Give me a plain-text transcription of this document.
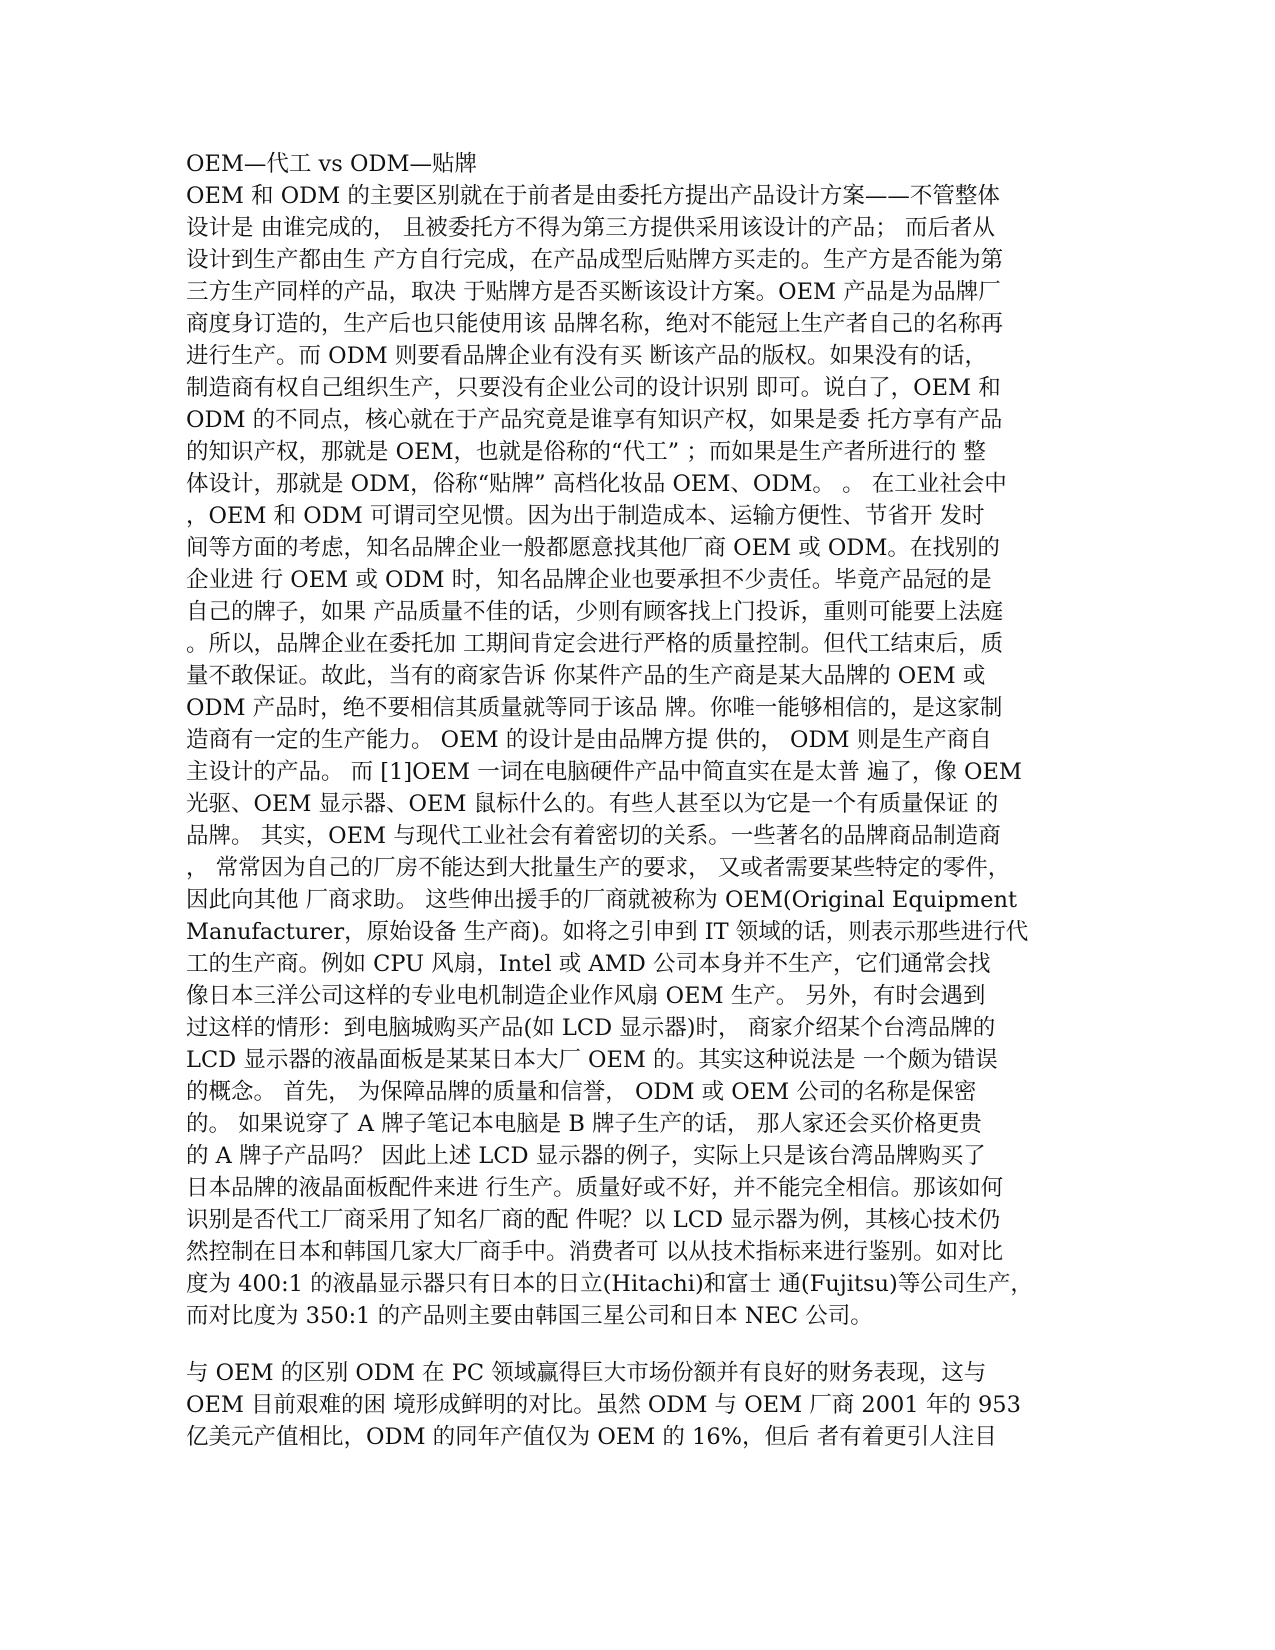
OEM—代工 vs ODM—贴牌
OEM 和 ODM 的主要区别就在于前者是由委托方提出产品设计方案——不管整体
设计是 由谁完成的， 且被委托方不得为第三方提供采用该设计的产品； 而后者从
设计到生产都由生 产方自行完成，在产品成型后贴牌方买走的。生产方是否能为第
三方生产同样的产品，取决 于贴牌方是否买断该设计方案。OEM 产品是为品牌厂
商度身订造的，生产后也只能使用该 品牌名称，绝对不能冠上生产者自己的名称再
进行生产。而 ODM 则要看品牌企业有没有买 断该产品的版权。如果没有的话，
制造商有权自己组织生产，只要没有企业公司的设计识别 即可。说白了，OEM 和
ODM 的不同点，核心就在于产品究竟是谁享有知识产权，如果是委 托方享有产品
的知识产权，那就是 OEM，也就是俗称的“代工” ；而如果是生产者所进行的 整
体设计，那就是 ODM，俗称“贴牌” 高档化妆品 OEM、ODM。 。 在工业社会中
，OEM 和 ODM 可谓司空见惯。因为出于制造成本、运输方便性、节省开 发时
间等方面的考虑，知名品牌企业一般都愿意找其他厂商 OEM 或 ODM。在找别的
企业进 行 OEM 或 ODM 时，知名品牌企业也要承担不少责任。毕竟产品冠的是
自己的牌子，如果 产品质量不佳的话，少则有顾客找上门投诉，重则可能要上法庭
。所以，品牌企业在委托加 工期间肯定会进行严格的质量控制。但代工结束后，质
量不敢保证。故此，当有的商家告诉 你某件产品的生产商是某大品牌的 OEM 或
ODM 产品时，绝不要相信其质量就等同于该品 牌。你唯一能够相信的，是这家制
造商有一定的生产能力。 OEM 的设计是由品牌方提 供的， ODM 则是生产商自
主设计的产品。 而 [1]OEM 一词在电脑硬件产品中简直实在是太普 遍了，像 OEM
光驱、OEM 显示器、OEM 鼠标什么的。有些人甚至以为它是一个有质量保证 的
品牌。 其实，OEM 与现代工业社会有着密切的关系。一些著名的品牌商品制造商
， 常常因为自己的厂房不能达到大批量生产的要求， 又或者需要某些特定的零件，
因此向其他 厂商求助。 这些伸出援手的厂商就被称为 OEM(Original Equipment
Manufacturer，原始设备 生产商)。如将之引申到 IT 领域的话，则表示那些进行代
工的生产商。例如 CPU 风扇，Intel 或 AMD 公司本身并不生产，它们通常会找
像日本三洋公司这样的专业电机制造企业作风扇 OEM 生产。 另外，有时会遇到
过这样的情形：到电脑城购买产品(如 LCD 显示器)时， 商家介绍某个台湾品牌的
LCD 显示器的液晶面板是某某日本大厂 OEM 的。其实这种说法是 一个颇为错误
的概念。 首先， 为保障品牌的质量和信誉， ODM 或 OEM 公司的名称是保密
的。 如果说穿了 A 牌子笔记本电脑是 B 牌子生产的话， 那人家还会买价格更贵
的 A 牌子产品吗？ 因此上述 LCD 显示器的例子，实际上只是该台湾品牌购买了
日本品牌的液晶面板配件来进 行生产。质量好或不好，并不能完全相信。那该如何
识别是否代工厂商采用了知名厂商的配 件呢？以 LCD 显示器为例，其核心技术仍
然控制在日本和韩国几家大厂商手中。消费者可 以从技术指标来进行鉴别。如对比
度为 400:1 的液晶显示器只有日本的日立(Hitachi)和富士 通(Fujitsu)等公司生产，
而对比度为 350:1 的产品则主要由韩国三星公司和日本 NEC 公司。
与 OEM 的区别 ODM 在 PC 领域赢得巨大市场份额并有良好的财务表现，这与
OEM 目前艰难的困 境形成鲜明的对比。虽然 ODM 与 OEM 厂商 2001 年的 953
亿美元产值相比，ODM 的同年产值仅为 OEM 的 16%，但后 者有着更引人注目
